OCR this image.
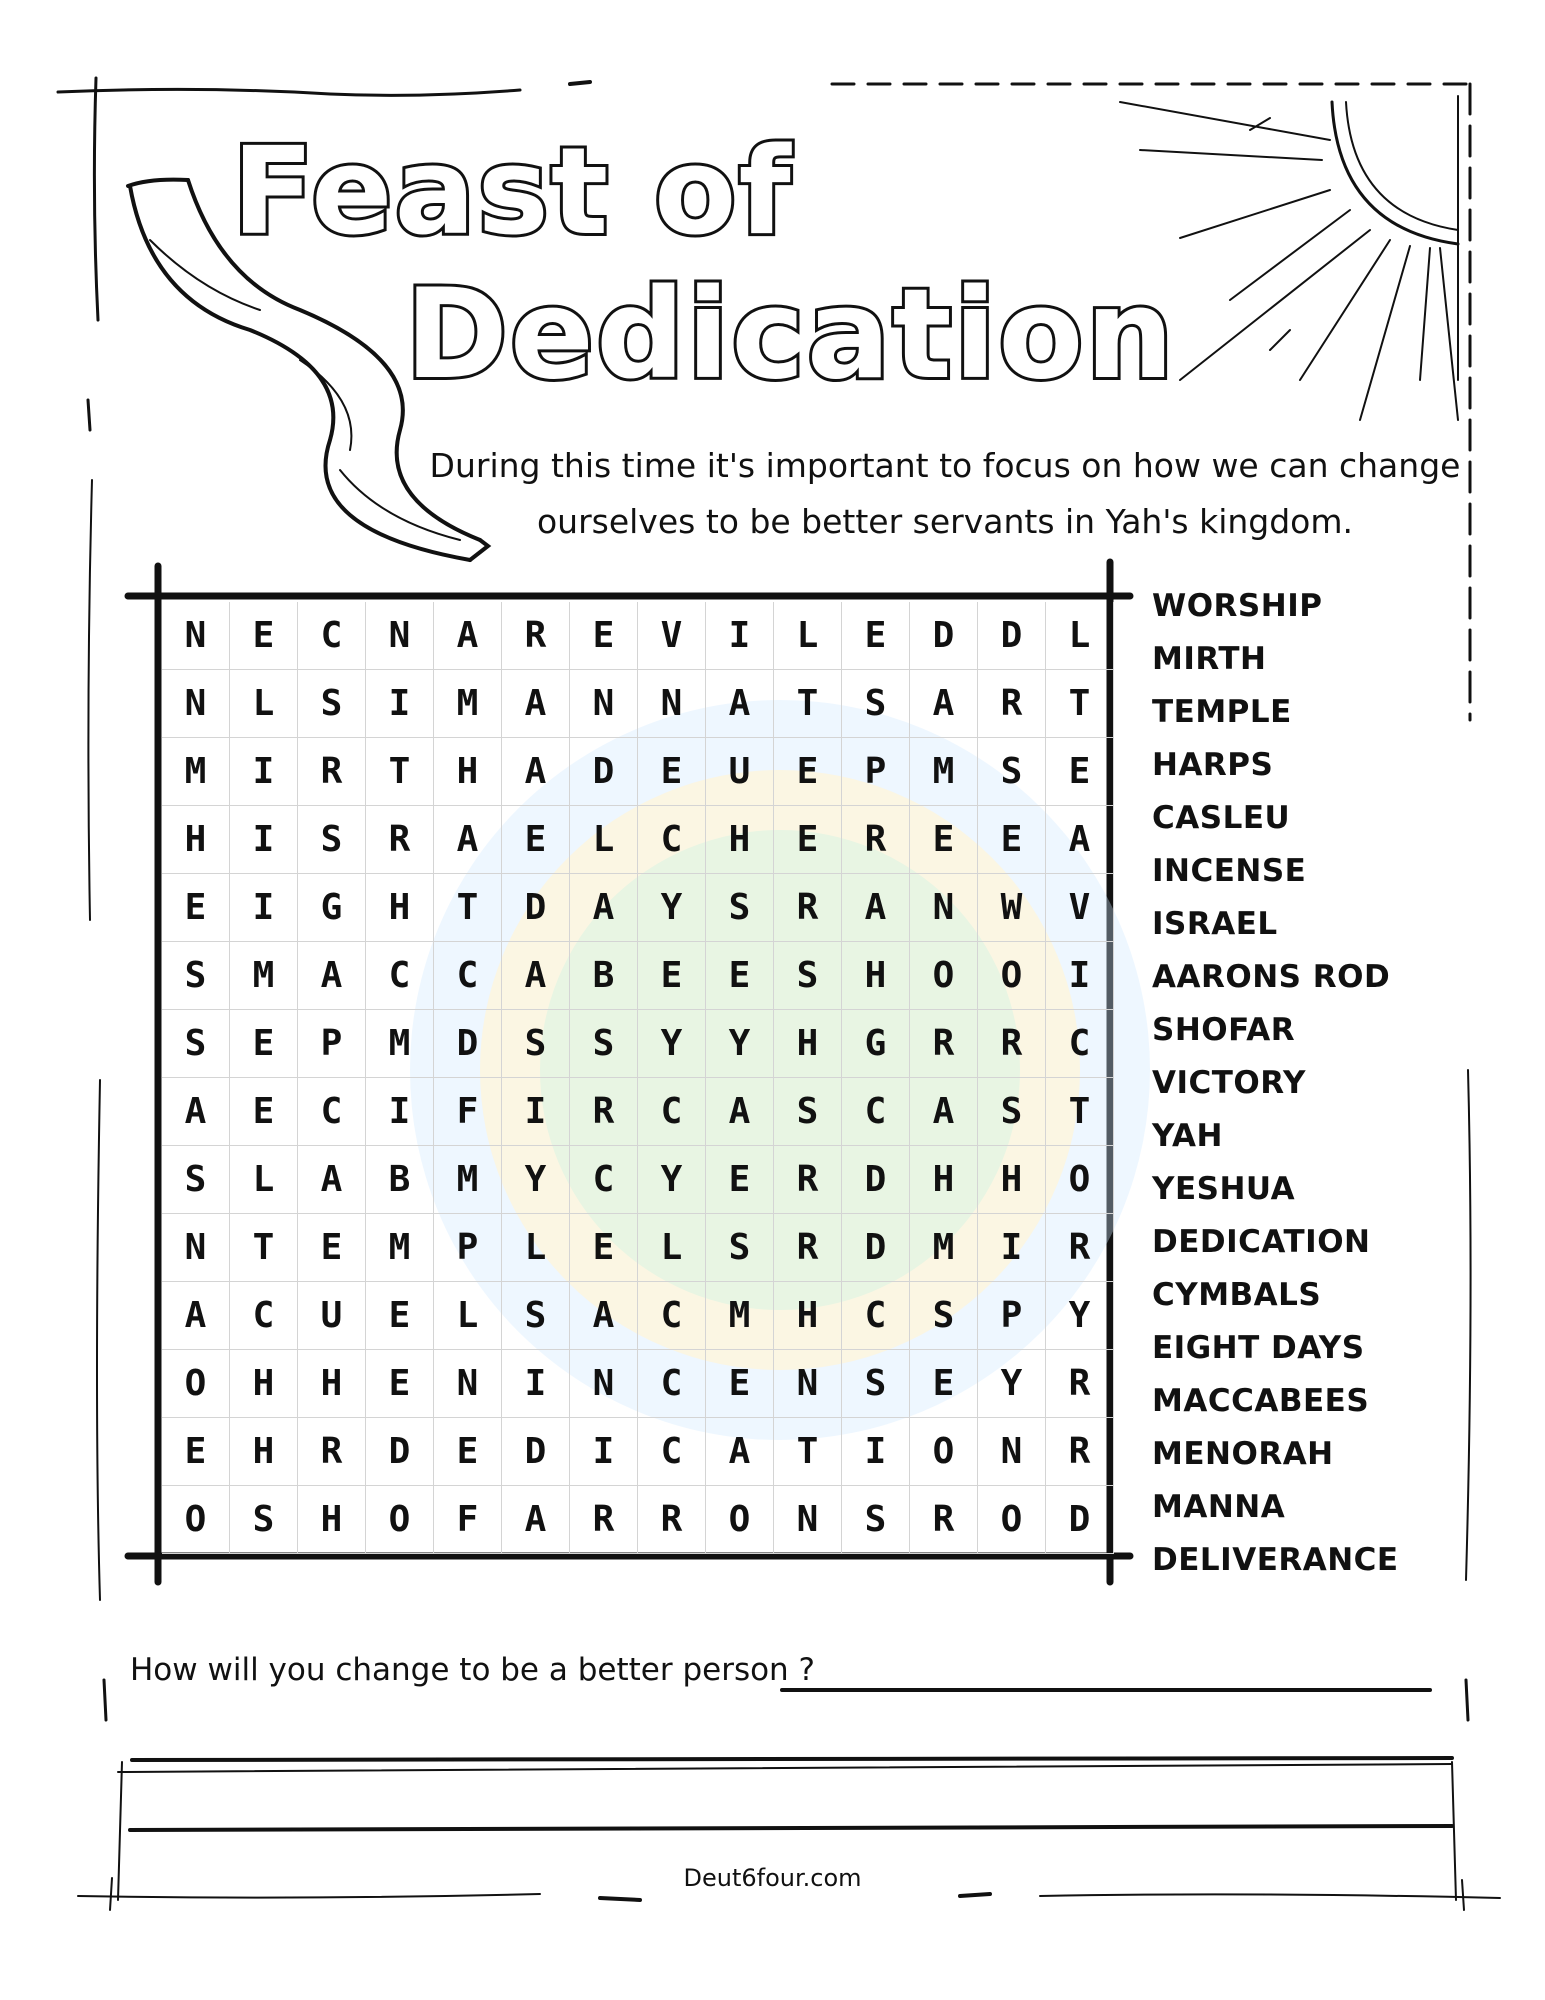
Feast of
Dedication

During this time it's important to focus on how we can change ourselves to be better servants in Yah's kingdom.

N	E	C	N	A	R	E	V	I	L	E	D	D	L
N	L	S	I	M	A	N	N	A	T	S	A	R	T
M	I	R	T	H	A	D	E	U	E	P	M	S	E
H	I	S	R	A	E	L	C	H	E	R	E	E	A
E	I	G	H	T	D	A	Y	S	R	A	N	W	V
S	M	A	C	C	A	B	E	E	S	H	O	O	I
S	E	P	M	D	S	S	Y	Y	H	G	R	R	C
A	E	C	I	F	I	R	C	A	S	C	A	S	T
S	L	A	B	M	Y	C	Y	E	R	D	H	H	O
N	T	E	M	P	L	E	L	S	R	D	M	I	R
A	C	U	E	L	S	A	C	M	H	C	S	P	Y
O	H	H	E	N	I	N	C	E	N	S	E	Y	R
E	H	R	D	E	D	I	C	A	T	I	O	N	R
O	S	H	O	F	A	R	R	O	N	S	R	O	D
WORSHIP
MIRTH
TEMPLE
HARPS
CASLEU
INCENSE
ISRAEL
AARONS ROD
SHOFAR
VICTORY
YAH
YESHUA
DEDICATION
CYMBALS
EIGHT DAYS
MACCABEES
MENORAH
MANNA
DELIVERANCE
How will you change to be a better person ?
Deut6four.com
